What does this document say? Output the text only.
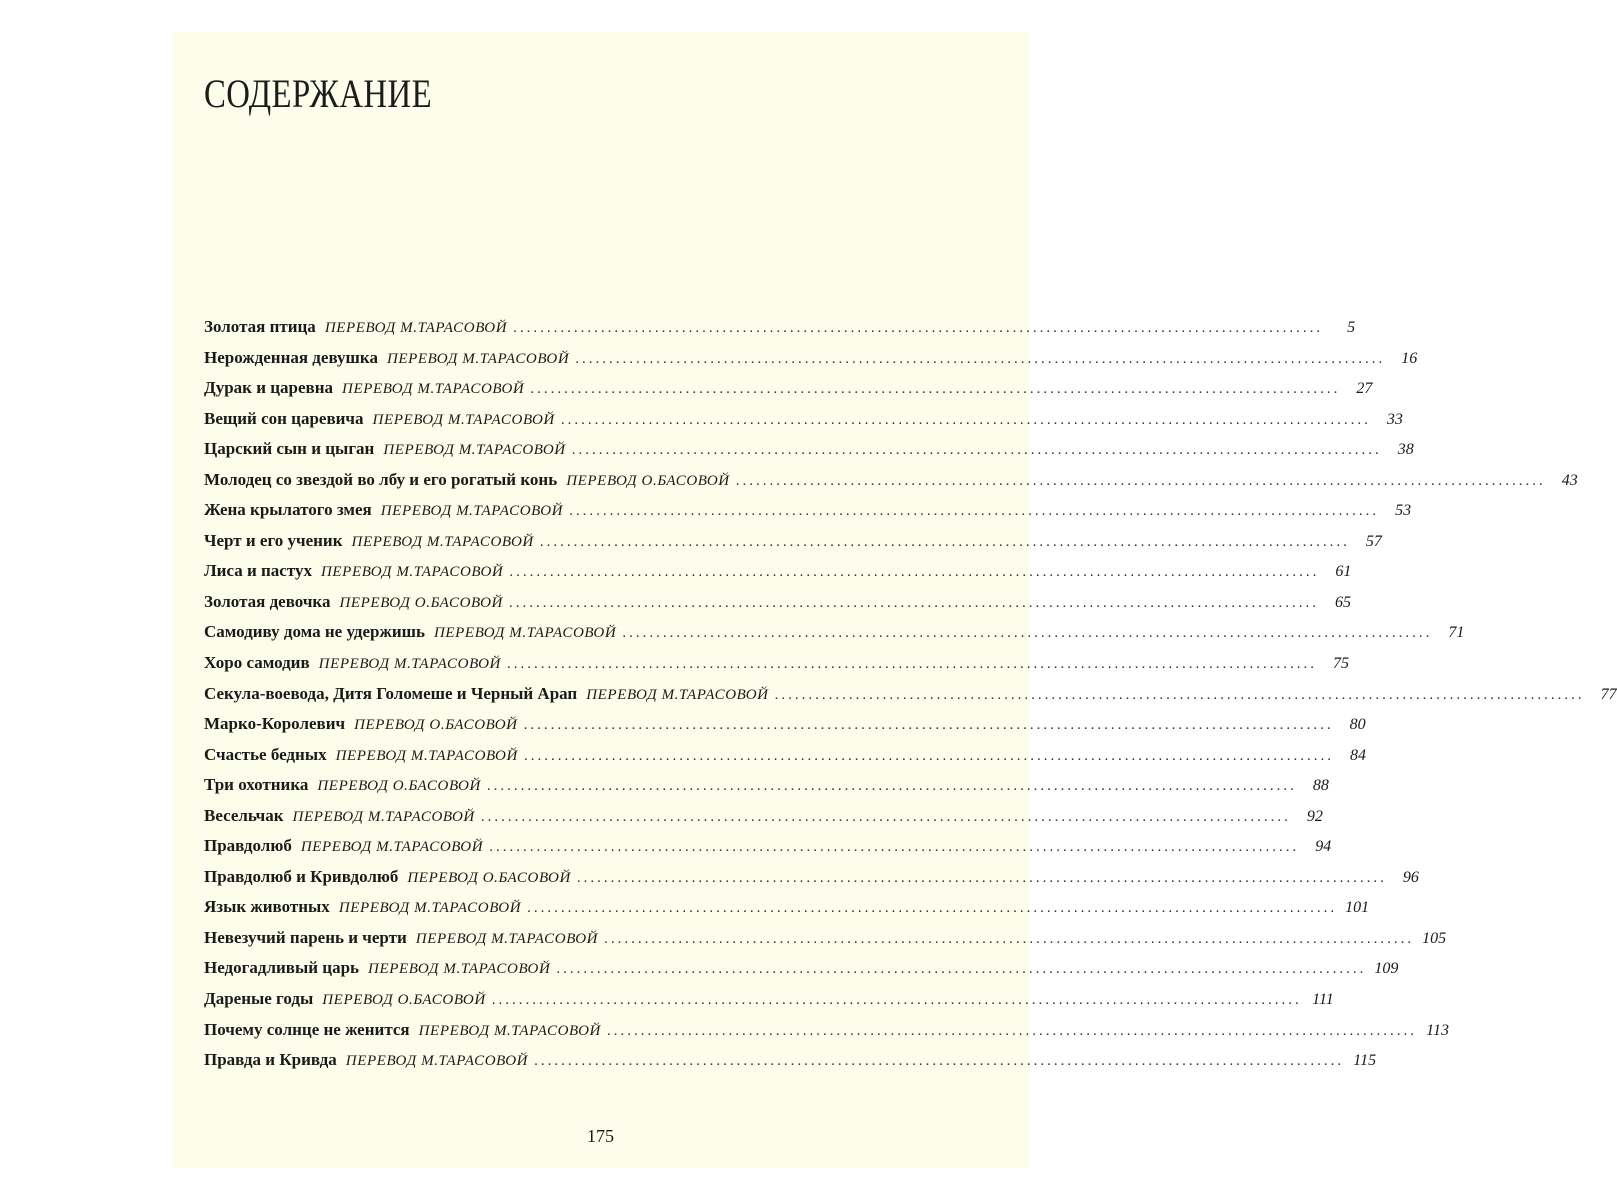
СОДЕРЖАНИЕ
Золотая птица ПЕРЕВОД М.ТАРАСОВОЙ ........................................................................................................................	5
Нерожденная девушка ПЕРЕВОД М.ТАРАСОВОЙ ........................................................................................................................	16
Дурак и царевна ПЕРЕВОД М.ТАРАСОВОЙ ........................................................................................................................	27
Вещий сон царевича ПЕРЕВОД М.ТАРАСОВОЙ ........................................................................................................................	33
Царский сын и цыган ПЕРЕВОД М.ТАРАСОВОЙ ........................................................................................................................	38
Молодец со звездой во лбу и его рогатый конь ПЕРЕВОД О.БАСОВОЙ ........................................................................................................................	43
Жена крылатого змея ПЕРЕВОД М.ТАРАСОВОЙ ........................................................................................................................	53
Черт и его ученик ПЕРЕВОД М.ТАРАСОВОЙ ........................................................................................................................	57
Лиса и пастух ПЕРЕВОД М.ТАРАСОВОЙ ........................................................................................................................	61
Золотая девочка ПЕРЕВОД О.БАСОВОЙ ........................................................................................................................	65
Самодиву дома не удержишь ПЕРЕВОД М.ТАРАСОВОЙ ........................................................................................................................	71
Хоро самодив ПЕРЕВОД М.ТАРАСОВОЙ ........................................................................................................................	75
Секула-воевода, Дитя Голомеше и Черный Арап ПЕРЕВОД М.ТАРАСОВОЙ ........................................................................................................................	77
Марко-Королевич ПЕРЕВОД О.БАСОВОЙ ........................................................................................................................	80
Счастье бедных ПЕРЕВОД М.ТАРАСОВОЙ ........................................................................................................................	84
Три охотника ПЕРЕВОД О.БАСОВОЙ ........................................................................................................................	88
Весельчак ПЕРЕВОД М.ТАРАСОВОЙ ........................................................................................................................	92
Правдолюб ПЕРЕВОД М.ТАРАСОВОЙ ........................................................................................................................	94
Правдолюб и Кривдолюб ПЕРЕВОД О.БАСОВОЙ ........................................................................................................................	96
Язык животных ПЕРЕВОД М.ТАРАСОВОЙ ........................................................................................................................ 101
Невезучий парень и черти ПЕРЕВОД М.ТАРАСОВОЙ ........................................................................................................................ 105
Недогадливый царь ПЕРЕВОД М.ТАРАСОВОЙ ........................................................................................................................ 109
Дареные годы ПЕРЕВОД О.БАСОВОЙ ........................................................................................................................ 111
Почему солнце не женится ПЕРЕВОД М.ТАРАСОВОЙ ........................................................................................................................ 113
Правда и Кривда ПЕРЕВОД М.ТАРАСОВОЙ ........................................................................................................................ 115
175
